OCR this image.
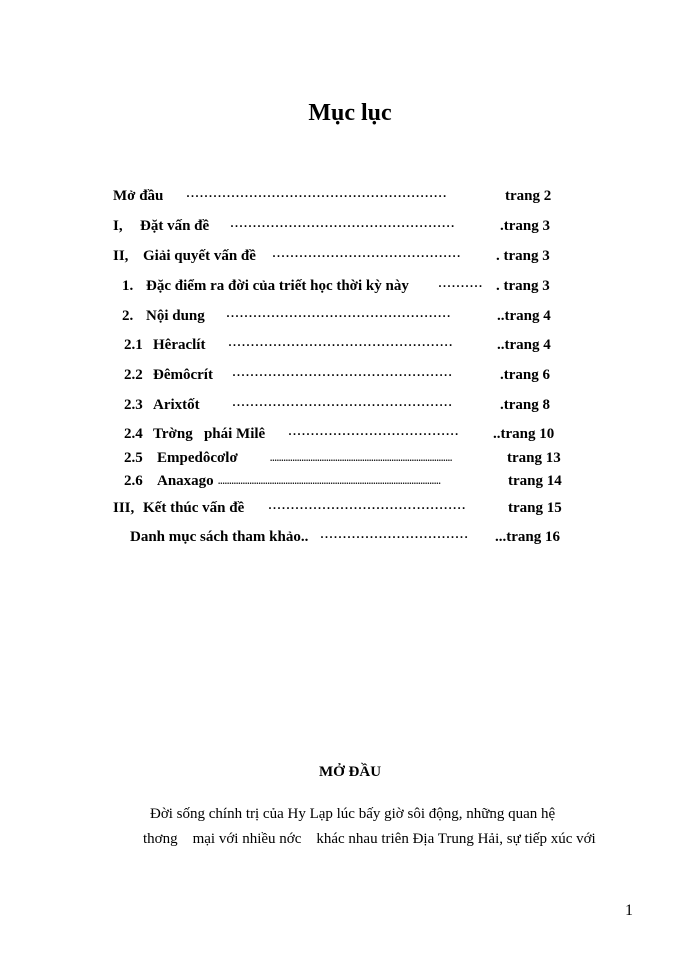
Mục lục
Mở đầu ··························································	trang 2
I, Đặt vấn đề ··················································	.trang 3
II, Giải quyết vấn đề ··········································	. trang 3
1. Đặc điểm ra đời của triết học thời kỳ này ·········· . trang 3
2. Nội dung ··················································	..trang 4
2.1 Hêraclít ··················································	..trang 4
2.2 Đêmôcrít ·················································	.trang 6
2.3 Arixtốt	·················································	.trang 8
2.4 Trờng   phái Milê ······································	..trang 10
2.5 Empedôcơlơ	.................................................................................	trang 13
2.6 Anaxago ...................................................................................................	trang 14
III, Kết thúc vấn đề ············································	trang 15
Danh mục sách tham khảo.. ·································	...trang 16
MỞ ĐẦU
Đời sống chính trị của Hy Lạp lúc bấy giờ sôi động, những quan hệ
thơng    mại với nhiều nớc    khác nhau triên Địa Trung Hải, sự tiếp xúc với
1
